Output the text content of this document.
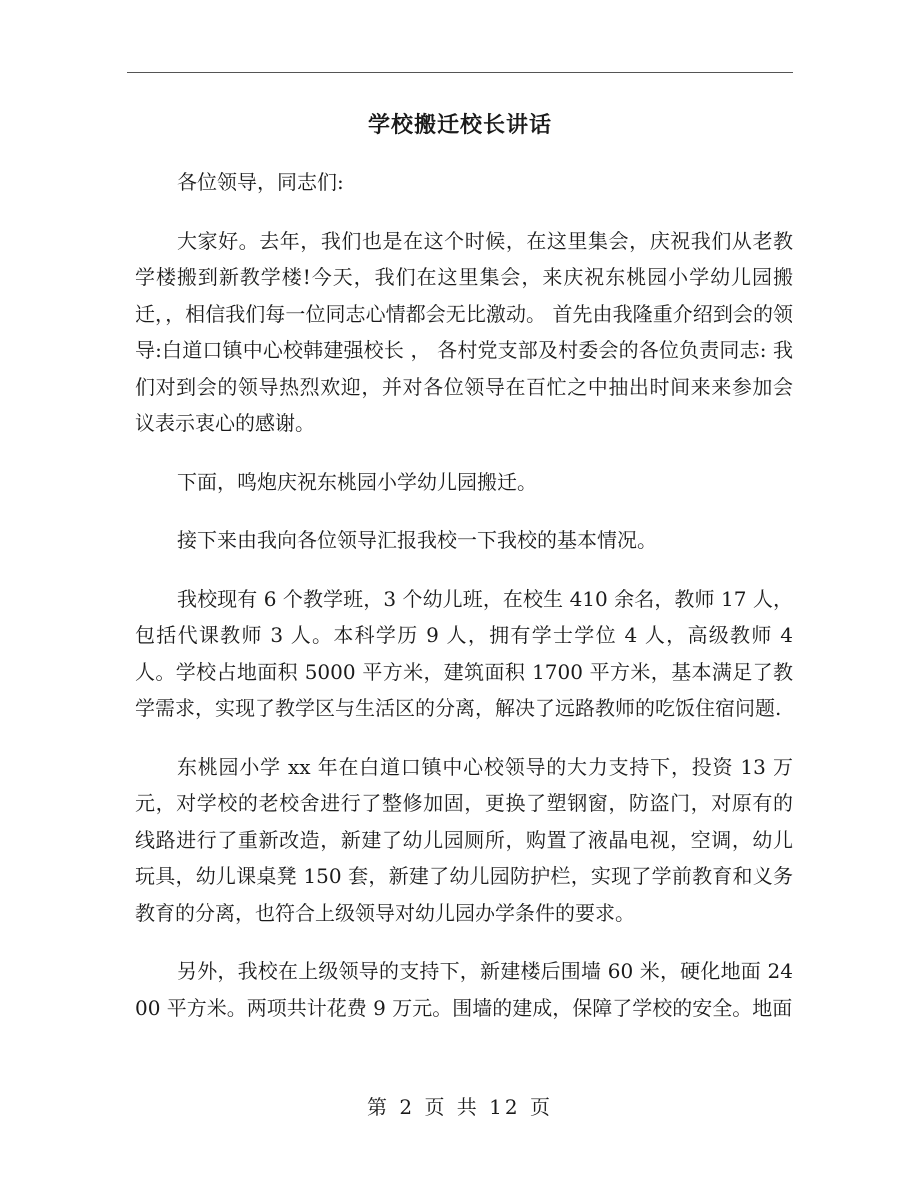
学校搬迁校长讲话

各位领导，同志们:

大家好。去年，我们也是在这个时候，在这里集会，庆祝我们从老教学楼搬到新教学楼!今天，我们在这里集会，来庆祝东桃园小学幼儿园搬迁，，相信我们每一位同志心情都会无比激动。 首先由我隆重介绍到会的领导:白道口镇中心校韩建强校长 ， 各村党支部及村委会的各位负责同志: 我们对到会的领导热烈欢迎，并对各位领导在百忙之中抽出时间来来参加会议表示衷心的感谢。

下面，鸣炮庆祝东桃园小学幼儿园搬迁。

接下来由我向各位领导汇报我校一下我校的基本情况。

我校现有 6 个教学班，3 个幼儿班，在校生 410 余名，教师 17 人，包括代课教师 3 人。本科学历 9 人，拥有学士学位 4 人，高级教师 4 人。学校占地面积 5000 平方米，建筑面积 1700 平方米，基本满足了教学需求，实现了教学区与生活区的分离，解决了远路教师的吃饭住宿问题.

东桃园小学 xx 年在白道口镇中心校领导的大力支持下，投资 13 万元，对学校的老校舍进行了整修加固，更换了塑钢窗，防盗门，对原有的线路进行了重新改造，新建了幼儿园厕所，购置了液晶电视，空调，幼儿玩具，幼儿课桌凳 150 套，新建了幼儿园防护栏，实现了学前教育和义务教育的分离，也符合上级领导对幼儿园办学条件的要求。

另外，我校在上级领导的支持下，新建楼后围墙 60 米，硬化地面 2400 平方米。两项共计花费 9 万元。围墙的建成，保障了学校的安全。地面

第 2 页 共 12 页
